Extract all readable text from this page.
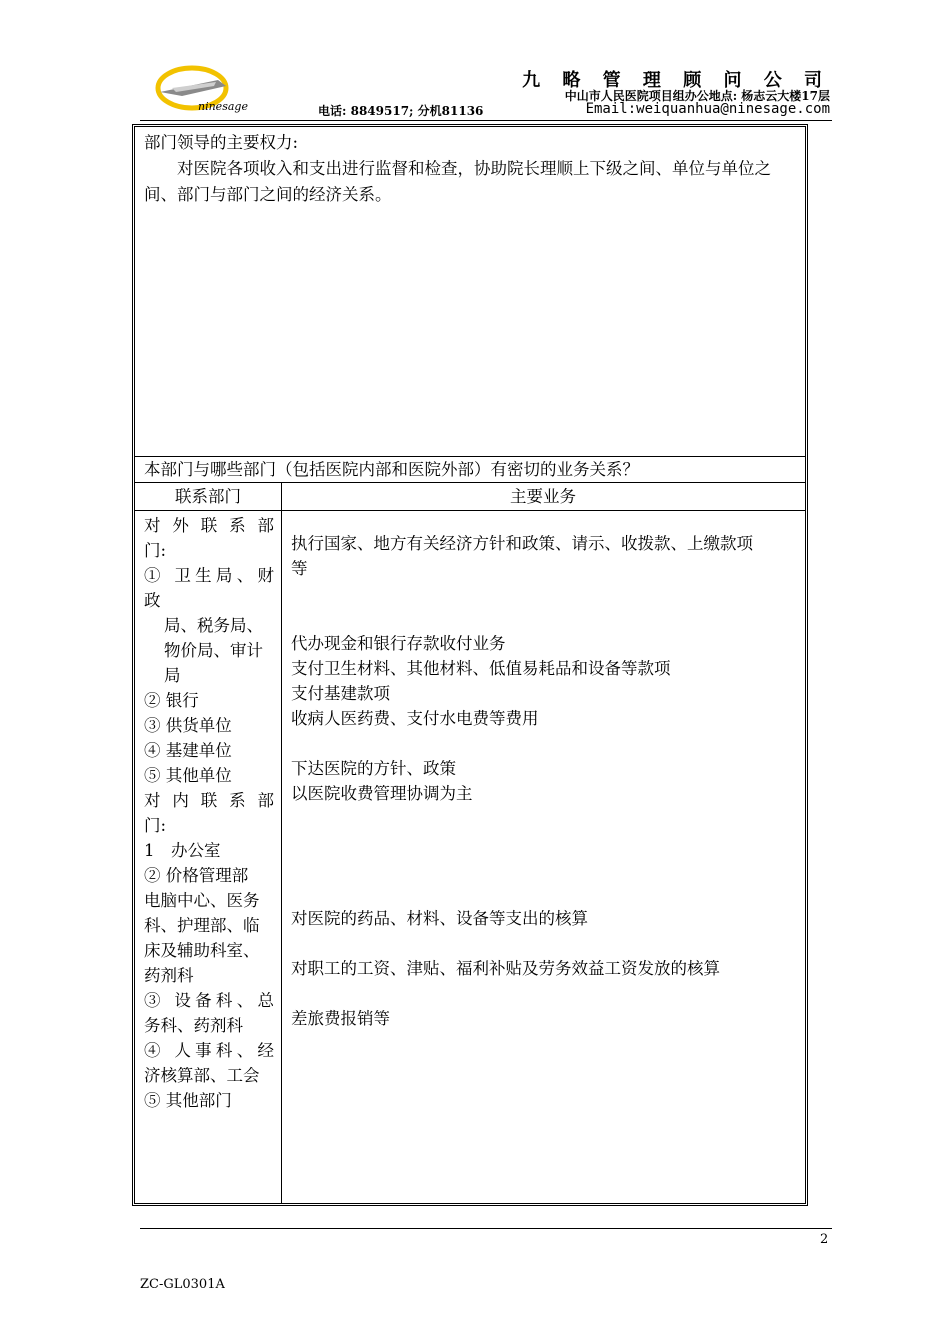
ninesage
九 略 管 理 顾 问 公 司
中山市人民医院项目组办公地点: 杨志云大楼17层
电话: 8849517; 分机81136	Email:weiquanhua@ninesage.com
部门领导的主要权力:
对医院各项收入和支出进行监督和检查，协助院长理顺上下级之间、单位与单位之间、部门与部门之间的经济关系。
本部门与哪些部门（包括医院内部和医院外部）有密切的业务关系？
联系部门	主要业务
对外联系部
门:
① 卫生局、财
政
局、税务局、
物价局、审计
局
② 银行
③ 供货单位
④ 基建单位
⑤ 其他单位
对内联系部
门:
1　办公室
② 价格管理部
电脑中心、医务
科、护理部、临
床及辅助科室、
药剂科
③ 设备科、总
务科、药剂科
④ 人事科、经
济核算部、工会
⑤ 其他部门
执行国家、地方有关经济方针和政策、请示、收拨款、上缴款项
等

代办现金和银行存款收付业务
支付卫生材料、其他材料、低值易耗品和设备等款项
支付基建款项
收病人医药费、支付水电费等费用

下达医院的方针、政策
以医院收费管理协调为主

对医院的药品、材料、设备等支出的核算

对职工的工资、津贴、福利补贴及劳务效益工资发放的核算

差旅费报销等
2
ZC-GL0301A
